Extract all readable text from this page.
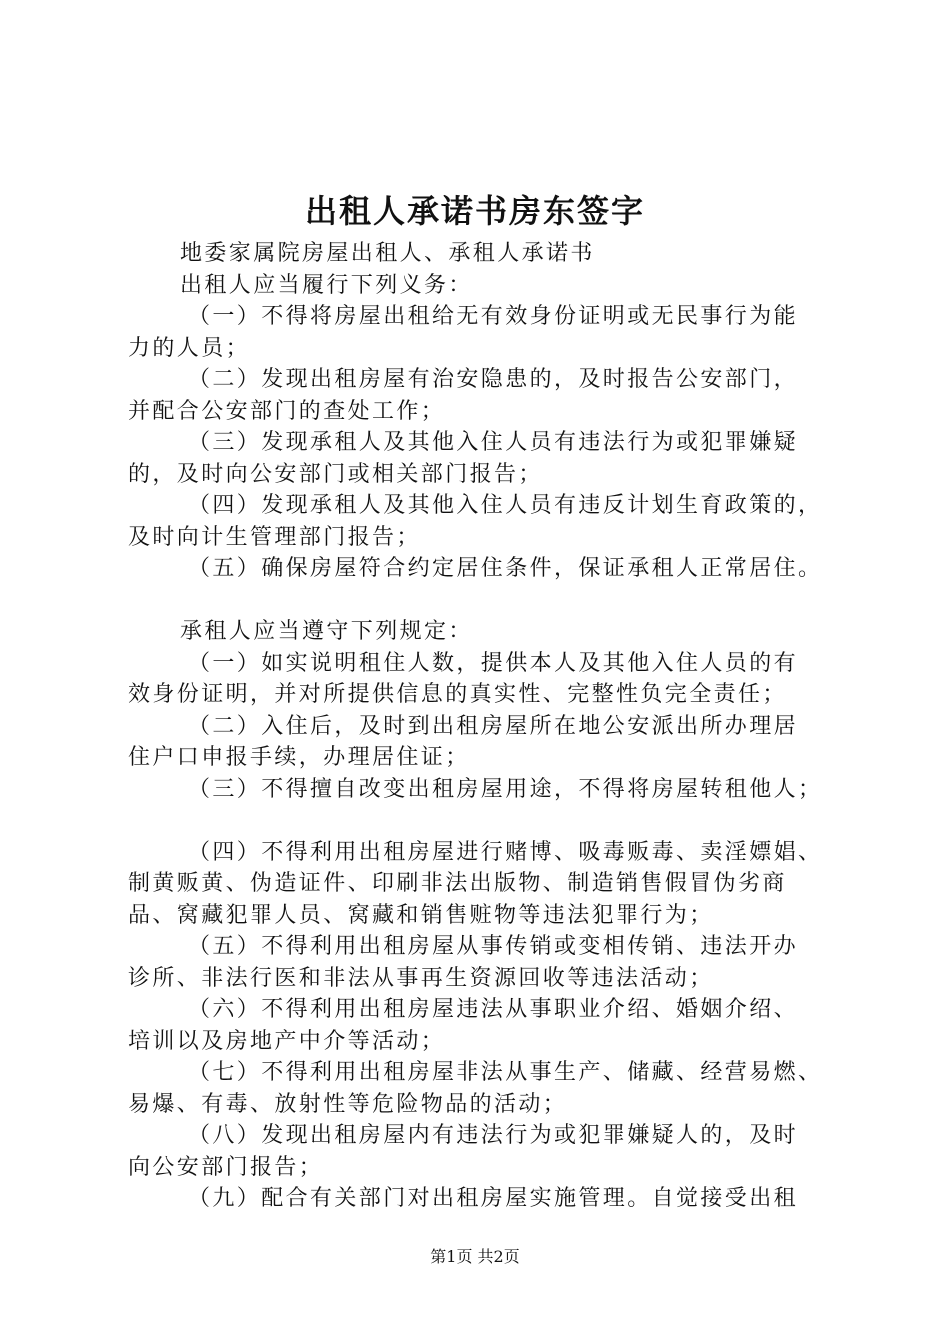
出租人承诺书房东签字
地委家属院房屋出租人、承租人承诺书
出租人应当履行下列义务：
（一）不得将房屋出租给无有效身份证明或无民事行为能
力的人员；
（二）发现出租房屋有治安隐患的，及时报告公安部门，
并配合公安部门的查处工作；
（三）发现承租人及其他入住人员有违法行为或犯罪嫌疑
的，及时向公安部门或相关部门报告；
（四）发现承租人及其他入住人员有违反计划生育政策的，
及时向计生管理部门报告；
（五）确保房屋符合约定居住条件，保证承租人正常居住。
承租人应当遵守下列规定：
（一）如实说明租住人数，提供本人及其他入住人员的有
效身份证明，并对所提供信息的真实性、完整性负完全责任；
（二）入住后，及时到出租房屋所在地公安派出所办理居
住户口申报手续，办理居住证；
（三）不得擅自改变出租房屋用途，不得将房屋转租他人；
（四）不得利用出租房屋进行赌博、吸毒贩毒、卖淫嫖娼、
制黄贩黄、伪造证件、印刷非法出版物、制造销售假冒伪劣商
品、窝藏犯罪人员、窝藏和销售赃物等违法犯罪行为；
（五）不得利用出租房屋从事传销或变相传销、违法开办
诊所、非法行医和非法从事再生资源回收等违法活动；
（六）不得利用出租房屋违法从事职业介绍、婚姻介绍、
培训以及房地产中介等活动；
（七）不得利用出租房屋非法从事生产、储藏、经营易燃、
易爆、有毒、放射性等危险物品的活动；
（八）发现出租房屋内有违法行为或犯罪嫌疑人的，及时
向公安部门报告；
（九）配合有关部门对出租房屋实施管理。自觉接受出租
第1页 共2页
